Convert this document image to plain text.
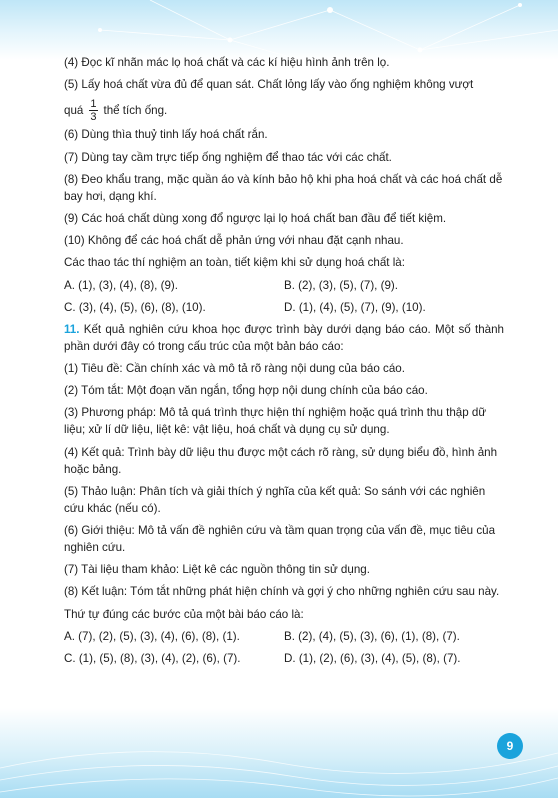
(4) Đọc kĩ nhãn mác lọ hoá chất và các kí hiệu hình ảnh trên lọ.

(5) Lấy hoá chất vừa đủ để quan sát. Chất lỏng lấy vào ống nghiệm không vượt

quá $\frac{1}{3}$ thể tích ống.

(6) Dùng thìa thuỷ tinh lấy hoá chất rắn.

(7) Dùng tay cầm trực tiếp ống nghiệm để thao tác với các chất.

(8) Đeo khẩu trang, mặc quần áo và kính bảo hộ khi pha hoá chất và các hoá chất dễ bay hơi, dạng khí.

(9) Các hoá chất dùng xong đổ ngược lại lọ hoá chất ban đầu để tiết kiệm.

(10) Không để các hoá chất dễ phản ứng với nhau đặt cạnh nhau.

Các thao tác thí nghiệm an toàn, tiết kiệm khi sử dụng hoá chất là:

A. (1), (3), (4), (8), (9).	B. (2), (3), (5), (7), (9).
C. (3), (4), (5), (6), (8), (10).	D. (1), (4), (5), (7), (9), (10).

11. Kết quả nghiên cứu khoa học được trình bày dưới dạng báo cáo. Một số thành phần dưới đây có trong cấu trúc của một bản báo cáo:

(1) Tiêu đề: Cần chính xác và mô tả rõ ràng nội dung của báo cáo.

(2) Tóm tắt: Một đoạn văn ngắn, tổng hợp nội dung chính của báo cáo.

(3) Phương pháp: Mô tả quá trình thực hiện thí nghiệm hoặc quá trình thu thập dữ liệu; xử lí dữ liệu, liệt kê: vật liệu, hoá chất và dụng cụ sử dụng.

(4) Kết quả: Trình bày dữ liệu thu được một cách rõ ràng, sử dụng biểu đồ, hình ảnh hoặc bảng.

(5) Thảo luận: Phân tích và giải thích ý nghĩa của kết quả: So sánh với các nghiên cứu khác (nếu có).

(6) Giới thiệu: Mô tả vấn đề nghiên cứu và tầm quan trọng của vấn đề, mục tiêu của nghiên cứu.

(7) Tài liệu tham khảo: Liệt kê các nguồn thông tin sử dụng.

(8) Kết luận: Tóm tắt những phát hiện chính và gợi ý cho những nghiên cứu sau này.

Thứ tự đúng các bước của một bài báo cáo là:

A. (7), (2), (5), (3), (4), (6), (8), (1).	B. (2), (4), (5), (3), (6), (1), (8), (7).
C. (1), (5), (8), (3), (4), (2), (6), (7).	D. (1), (2), (6), (3), (4), (5), (8), (7).
9
